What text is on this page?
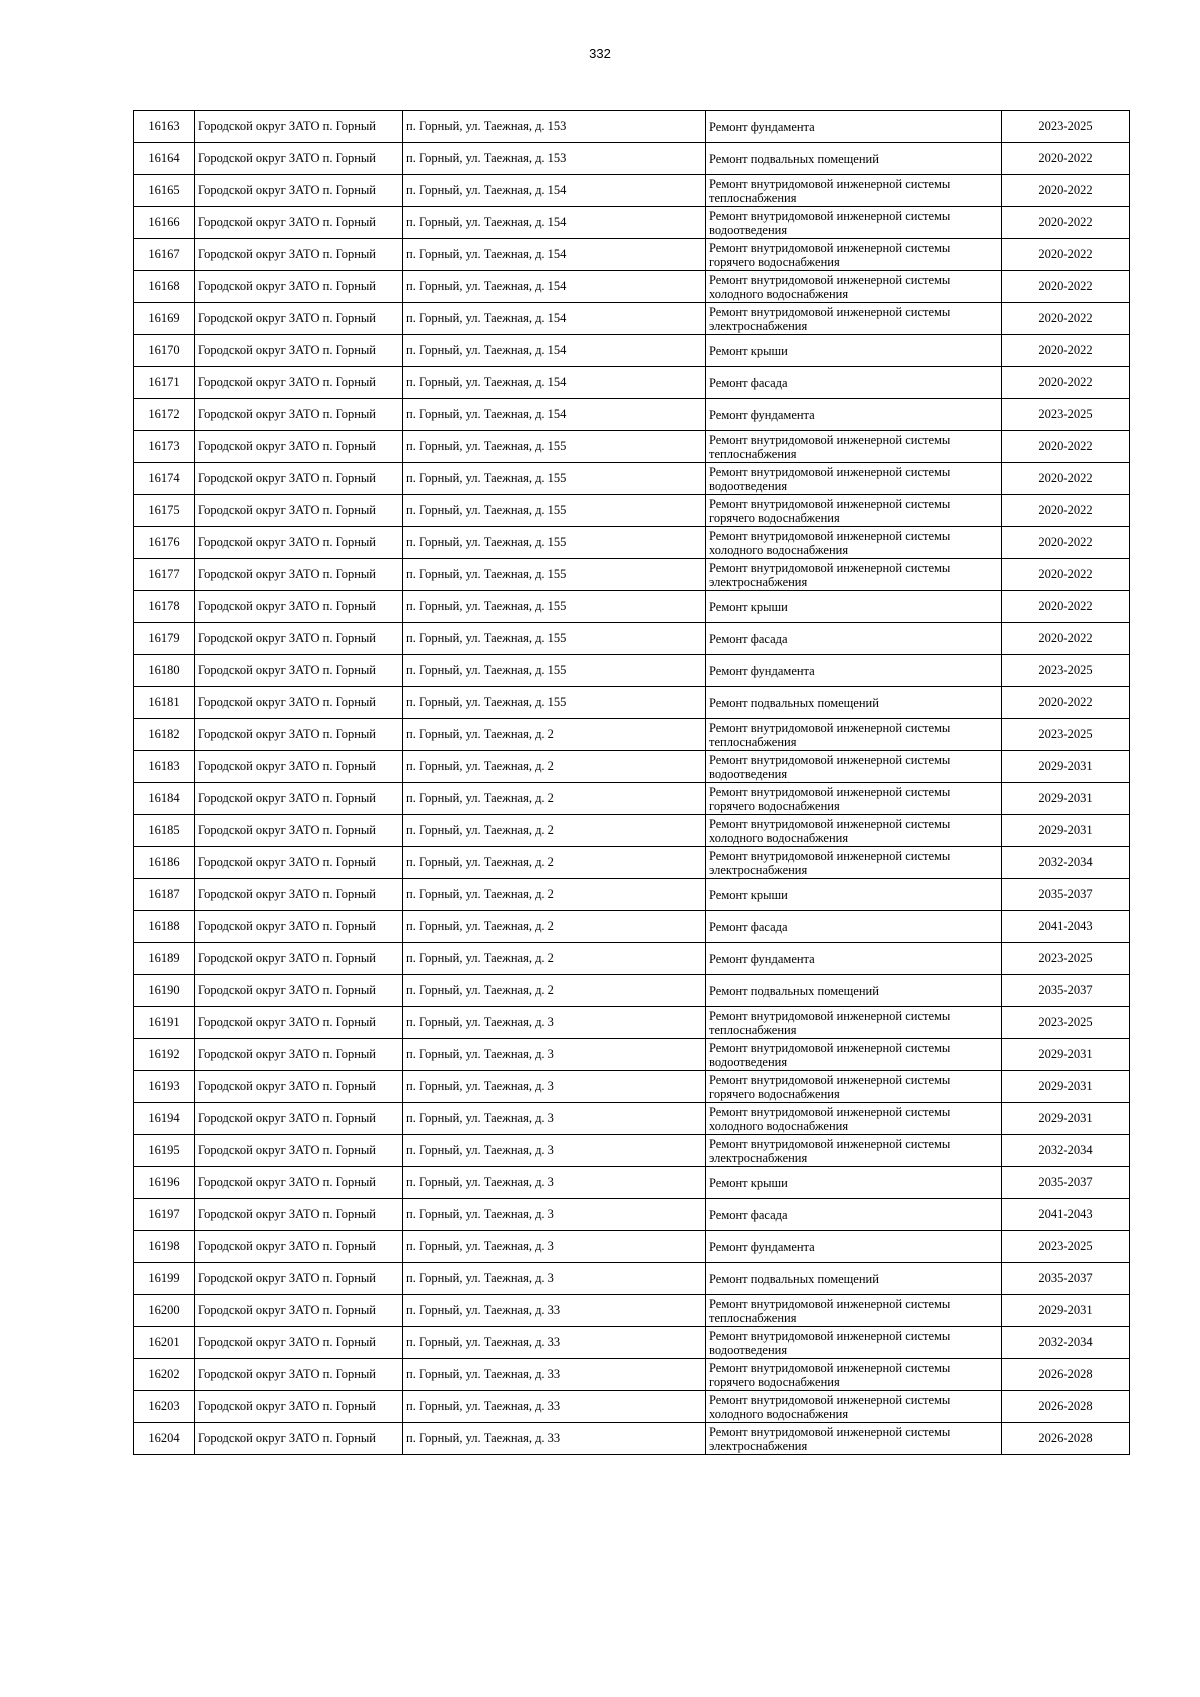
332
16163	Городской округ ЗАТО п. Горный	п. Горный, ул. Таежная, д. 153	Ремонт фундамента	2023-2025
16164	Городской округ ЗАТО п. Горный	п. Горный, ул. Таежная, д. 153	Ремонт подвальных помещений	2020-2022
16165	Городской округ ЗАТО п. Горный	п. Горный, ул. Таежная, д. 154	Ремонт внутридомовой инженерной системы теплоснабжения	2020-2022
16166	Городской округ ЗАТО п. Горный	п. Горный, ул. Таежная, д. 154	Ремонт внутридомовой инженерной системы водоотведения	2020-2022
16167	Городской округ ЗАТО п. Горный	п. Горный, ул. Таежная, д. 154	Ремонт внутридомовой инженерной системы горячего водоснабжения	2020-2022
16168	Городской округ ЗАТО п. Горный	п. Горный, ул. Таежная, д. 154	Ремонт внутридомовой инженерной системы холодного водоснабжения	2020-2022
16169	Городской округ ЗАТО п. Горный	п. Горный, ул. Таежная, д. 154	Ремонт внутридомовой инженерной системы электроснабжения	2020-2022
16170	Городской округ ЗАТО п. Горный	п. Горный, ул. Таежная, д. 154	Ремонт крыши	2020-2022
16171	Городской округ ЗАТО п. Горный	п. Горный, ул. Таежная, д. 154	Ремонт фасада	2020-2022
16172	Городской округ ЗАТО п. Горный	п. Горный, ул. Таежная, д. 154	Ремонт фундамента	2023-2025
16173	Городской округ ЗАТО п. Горный	п. Горный, ул. Таежная, д. 155	Ремонт внутридомовой инженерной системы теплоснабжения	2020-2022
16174	Городской округ ЗАТО п. Горный	п. Горный, ул. Таежная, д. 155	Ремонт внутридомовой инженерной системы водоотведения	2020-2022
16175	Городской округ ЗАТО п. Горный	п. Горный, ул. Таежная, д. 155	Ремонт внутридомовой инженерной системы горячего водоснабжения	2020-2022
16176	Городской округ ЗАТО п. Горный	п. Горный, ул. Таежная, д. 155	Ремонт внутридомовой инженерной системы холодного водоснабжения	2020-2022
16177	Городской округ ЗАТО п. Горный	п. Горный, ул. Таежная, д. 155	Ремонт внутридомовой инженерной системы электроснабжения	2020-2022
16178	Городской округ ЗАТО п. Горный	п. Горный, ул. Таежная, д. 155	Ремонт крыши	2020-2022
16179	Городской округ ЗАТО п. Горный	п. Горный, ул. Таежная, д. 155	Ремонт фасада	2020-2022
16180	Городской округ ЗАТО п. Горный	п. Горный, ул. Таежная, д. 155	Ремонт фундамента	2023-2025
16181	Городской округ ЗАТО п. Горный	п. Горный, ул. Таежная, д. 155	Ремонт подвальных помещений	2020-2022
16182	Городской округ ЗАТО п. Горный	п. Горный, ул. Таежная, д. 2	Ремонт внутридомовой инженерной системы теплоснабжения	2023-2025
16183	Городской округ ЗАТО п. Горный	п. Горный, ул. Таежная, д. 2	Ремонт внутридомовой инженерной системы водоотведения	2029-2031
16184	Городской округ ЗАТО п. Горный	п. Горный, ул. Таежная, д. 2	Ремонт внутридомовой инженерной системы горячего водоснабжения	2029-2031
16185	Городской округ ЗАТО п. Горный	п. Горный, ул. Таежная, д. 2	Ремонт внутридомовой инженерной системы холодного водоснабжения	2029-2031
16186	Городской округ ЗАТО п. Горный	п. Горный, ул. Таежная, д. 2	Ремонт внутридомовой инженерной системы электроснабжения	2032-2034
16187	Городской округ ЗАТО п. Горный	п. Горный, ул. Таежная, д. 2	Ремонт крыши	2035-2037
16188	Городской округ ЗАТО п. Горный	п. Горный, ул. Таежная, д. 2	Ремонт фасада	2041-2043
16189	Городской округ ЗАТО п. Горный	п. Горный, ул. Таежная, д. 2	Ремонт фундамента	2023-2025
16190	Городской округ ЗАТО п. Горный	п. Горный, ул. Таежная, д. 2	Ремонт подвальных помещений	2035-2037
16191	Городской округ ЗАТО п. Горный	п. Горный, ул. Таежная, д. 3	Ремонт внутридомовой инженерной системы теплоснабжения	2023-2025
16192	Городской округ ЗАТО п. Горный	п. Горный, ул. Таежная, д. 3	Ремонт внутридомовой инженерной системы водоотведения	2029-2031
16193	Городской округ ЗАТО п. Горный	п. Горный, ул. Таежная, д. 3	Ремонт внутридомовой инженерной системы горячего водоснабжения	2029-2031
16194	Городской округ ЗАТО п. Горный	п. Горный, ул. Таежная, д. 3	Ремонт внутридомовой инженерной системы холодного водоснабжения	2029-2031
16195	Городской округ ЗАТО п. Горный	п. Горный, ул. Таежная, д. 3	Ремонт внутридомовой инженерной системы электроснабжения	2032-2034
16196	Городской округ ЗАТО п. Горный	п. Горный, ул. Таежная, д. 3	Ремонт крыши	2035-2037
16197	Городской округ ЗАТО п. Горный	п. Горный, ул. Таежная, д. 3	Ремонт фасада	2041-2043
16198	Городской округ ЗАТО п. Горный	п. Горный, ул. Таежная, д. 3	Ремонт фундамента	2023-2025
16199	Городской округ ЗАТО п. Горный	п. Горный, ул. Таежная, д. 3	Ремонт подвальных помещений	2035-2037
16200	Городской округ ЗАТО п. Горный	п. Горный, ул. Таежная, д. 33	Ремонт внутридомовой инженерной системы теплоснабжения	2029-2031
16201	Городской округ ЗАТО п. Горный	п. Горный, ул. Таежная, д. 33	Ремонт внутридомовой инженерной системы водоотведения	2032-2034
16202	Городской округ ЗАТО п. Горный	п. Горный, ул. Таежная, д. 33	Ремонт внутридомовой инженерной системы горячего водоснабжения	2026-2028
16203	Городской округ ЗАТО п. Горный	п. Горный, ул. Таежная, д. 33	Ремонт внутридомовой инженерной системы холодного водоснабжения	2026-2028
16204	Городской округ ЗАТО п. Горный	п. Горный, ул. Таежная, д. 33	Ремонт внутридомовой инженерной системы электроснабжения	2026-2028
